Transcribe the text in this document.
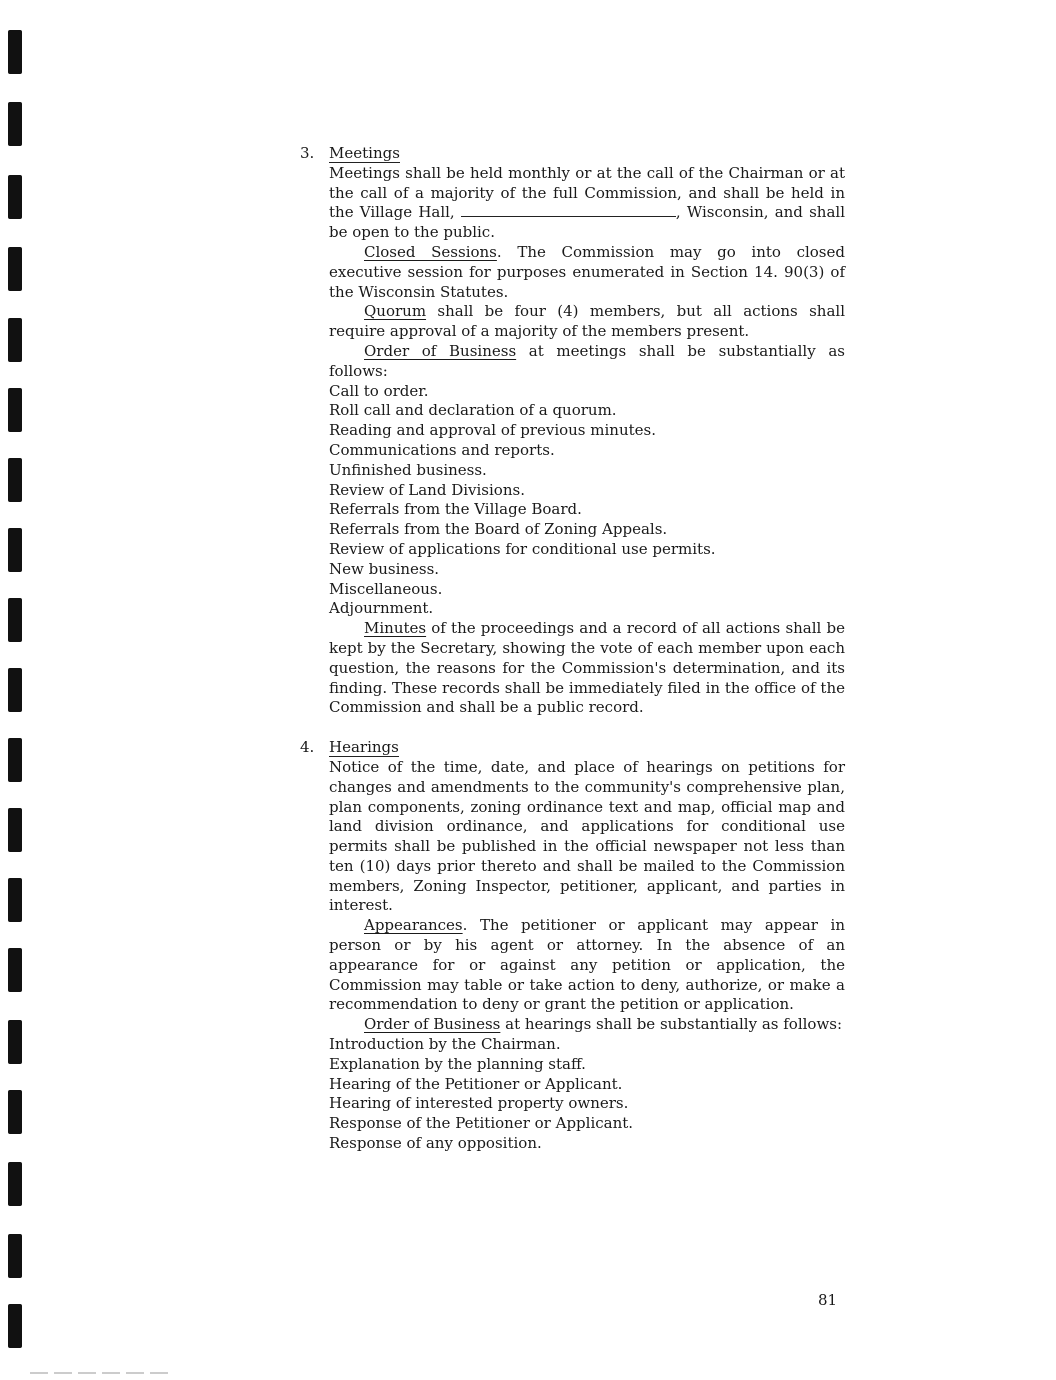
3. Meetings

Meetings shall be held monthly or at the call of the Chairman or at the call of a majority of the full Commission, and shall be held in the Village Hall,	, Wisconsin, and shall be open to the public.

Closed Sessions. The Commission may go into closed executive session for purposes enumerated in Section 14. 90(3) of the Wisconsin Statutes.

Quorum shall be four (4) members, but all actions shall require approval of a majority of the members present.

Order of Business at meetings shall be substantially as follows:

Call to order.
Roll call and declaration of a quorum.
Reading and approval of previous minutes.
Communications and reports.
Unfinished business.
Review of Land Divisions.
Referrals from the Village Board.
Referrals from the Board of Zoning Appeals.
Review of applications for conditional use permits.
New business.
Miscellaneous.
Adjournment.

Minutes of the proceedings and a record of all actions shall be kept by the Secretary, showing the vote of each member upon each question, the reasons for the Commission's determination, and its finding. These records shall be immediately filed in the office of the Commission and shall be a public record.

4. Hearings

Notice of the time, date, and place of hearings on petitions for changes and amendments to the community's comprehensive plan, plan components, zoning ordinance text and map, official map and land division ordinance, and applications for conditional use permits shall be published in the official newspaper not less than ten (10) days prior thereto and shall be mailed to the Commission members, Zoning Inspector, petitioner, applicant, and parties in interest.

Appearances. The petitioner or applicant may appear in person or by his agent or attorney. In the absence of an appearance for or against any petition or application, the Commission may table or take action to deny, authorize, or make a recommendation to deny or grant the petition or application.

Order of Business at hearings shall be substantially as follows:

Introduction by the Chairman.
Explanation by the planning staff.
Hearing of the Petitioner or Applicant.
Hearing of interested property owners.
Response of the Petitioner or Applicant.
Response of any opposition.
81
